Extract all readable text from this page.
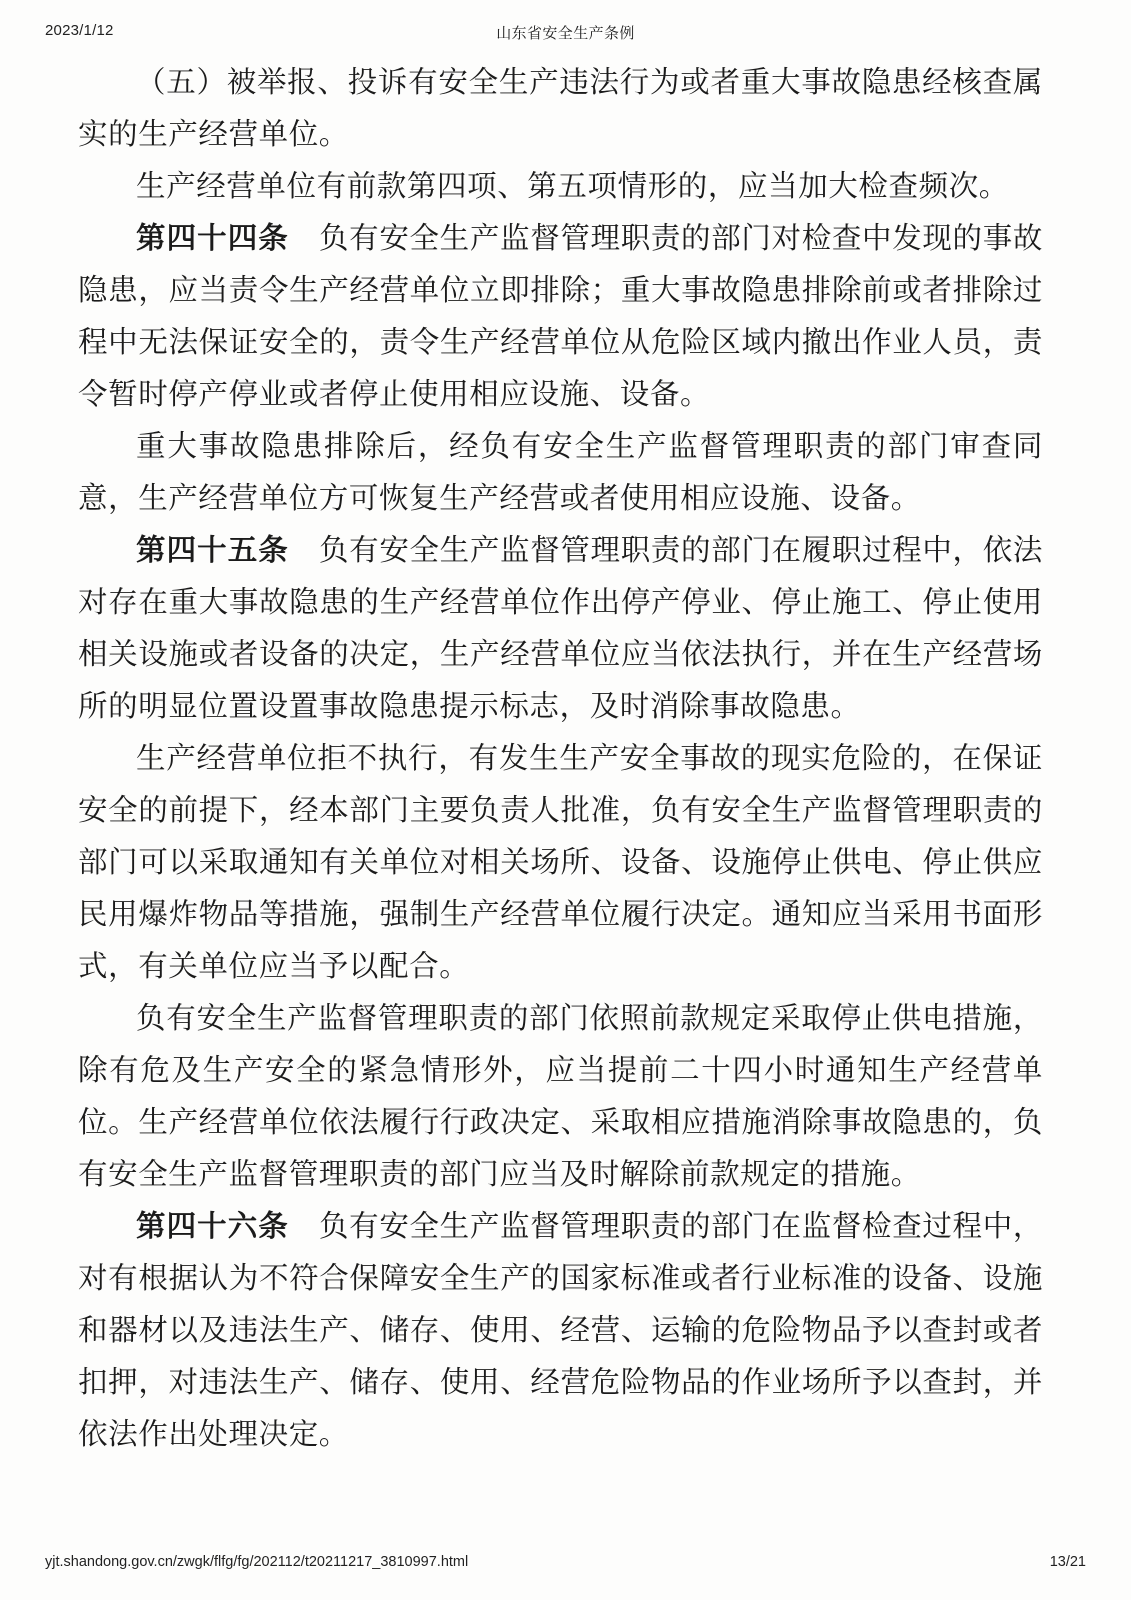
2023/1/12	山东省安全生产条例

（五）被举报、投诉有安全生产违法行为或者重大事故隐患经核查属实的生产经营单位。

生产经营单位有前款第四项、第五项情形的，应当加大检查频次。

第四十四条　 负有安全生产监督管理职责的部门对检查中发现的事故隐患，应当责令生产经营单位立即排除；重大事故隐患排除前或者排除过程中无法保证安全的，责令生产经营单位从危险区域内撤出作业人员，责令暂时停产停业或者停止使用相应设施、设备。

重大事故隐患排除后，经负有安全生产监督管理职责的部门审查同意，生产经营单位方可恢复生产经营或者使用相应设施、设备。

第四十五条　 负有安全生产监督管理职责的部门在履职过程中，依法对存在重大事故隐患的生产经营单位作出停产停业、停止施工、停止使用相关设施或者设备的决定，生产经营单位应当依法执行，并在生产经营场所的明显位置设置事故隐患提示标志，及时消除事故隐患。

生产经营单位拒不执行，有发生生产安全事故的现实危险的，在保证安全的前提下，经本部门主要负责人批准，负有安全生产监督管理职责的部门可以采取通知有关单位对相关场所、设备、设施停止供电、停止供应民用爆炸物品等措施，强制生产经营单位履行决定。通知应当采用书面形式，有关单位应当予以配合。

负有安全生产监督管理职责的部门依照前款规定采取停止供电措施，除有危及生产安全的紧急情形外，应当提前二十四小时通知生产经营单位。生产经营单位依法履行行政决定、采取相应措施消除事故隐患的，负有安全生产监督管理职责的部门应当及时解除前款规定的措施。

第四十六条　 负有安全生产监督管理职责的部门在监督检查过程中，对有根据认为不符合保障安全生产的国家标准或者行业标准的设备、设施和器材以及违法生产、储存、使用、经营、运输的危险物品予以查封或者扣押，对违法生产、储存、使用、经营危险物品的作业场所予以查封，并依法作出处理决定。

yjt.shandong.gov.cn/zwgk/flfg/fg/202112/t20211217_3810997.html	13/21
